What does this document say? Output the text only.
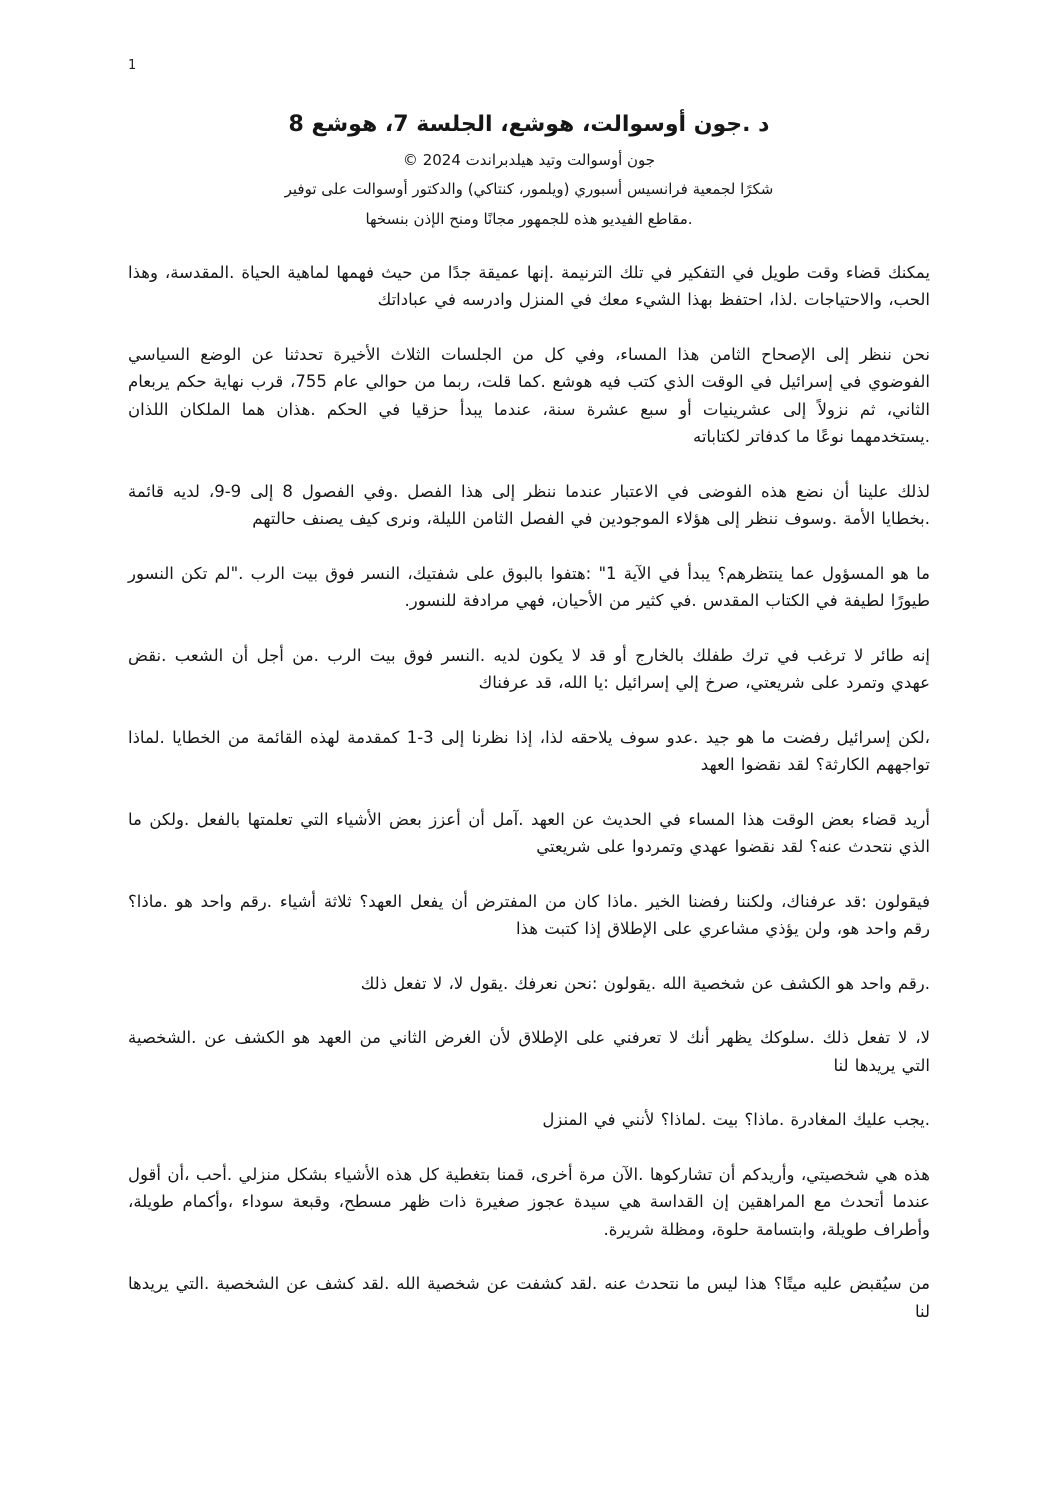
1
د .جون أوسوالت، هوشع، الجلسة 7، هوشع 8

جون أوسوالت وتيد هيلدبراندت 2024 ©

شكرًا لجمعية فرانسيس أسبوري (ويلمور، كنتاكي) والدكتور أوسوالت على توفير

.مقاطع الفيديو هذه للجمهور مجانًا ومنح الإذن بنسخها

يمكنك قضاء وقت طويل في التفكير في تلك الترنيمة .إنها عميقة جدًا من حيث فهمها لماهية الحياة .المقدسة، وهذا الحب، والاحتياجات .لذا، احتفظ بهذا الشيء معك في المنزل وادرسه في عباداتك

نحن ننظر إلى الإصحاح الثامن هذا المساء، وفي كل من الجلسات الثلاث الأخيرة تحدثنا عن الوضع السياسي الفوضوي في إسرائيل في الوقت الذي كتب فيه هوشع .كما قلت، ربما من حوالي عام 755، قرب نهاية حكم يربعام الثاني، ثم نزولاً إلى عشرينيات أو سبع عشرة سنة، عندما يبدأ حزقيا في الحكم .هذان هما الملكان اللذان .يستخدمهما نوعًا ما كدفاتر لكتاباته

لذلك علينا أن نضع هذه الفوضى في الاعتبار عندما ننظر إلى هذا الفصل .وفي الفصول 8 إلى 9-9، لديه قائمة .بخطايا الأمة .وسوف ننظر إلى هؤلاء الموجودين في الفصل الثامن الليلة، ونرى كيف يصنف حالتهم

ما هو المسؤول عما ينتظرهم؟ يبدأ في الآية 1" :هتفوا بالبوق على شفتيك، النسر فوق بيت الرب ."لم تكن النسور طيورًا لطيفة في الكتاب المقدس .في كثير من الأحيان، فهي مرادفة للنسور.

إنه طائر لا ترغب في ترك طفلك بالخارج أو قد لا يكون لديه .النسر فوق بيت الرب .من أجل أن الشعب .نقض عهدي وتمرد على شريعتي، صرخ إلي إسرائيل :يا الله، قد عرفناك

،لكن إسرائيل رفضت ما هو جيد .عدو سوف يلاحقه لذا، إذا نظرنا إلى 3-1 كمقدمة لهذه القائمة من الخطايا .لماذا تواجههم الكارثة؟ لقد نقضوا العهد

أريد قضاء بعض الوقت هذا المساء في الحديث عن العهد .آمل أن أعزز بعض الأشياء التي تعلمتها بالفعل .ولكن ما الذي نتحدث عنه؟ لقد نقضوا عهدي وتمردوا على شريعتي

فيقولون :قد عرفناك، ولكننا رفضنا الخير .ماذا كان من المفترض أن يفعل العهد؟ ثلاثة أشياء .رقم واحد هو .ماذا؟ رقم واحد هو، ولن يؤذي مشاعري على الإطلاق إذا كتبت هذا

.رقم واحد هو الكشف عن شخصية الله .يقولون :نحن نعرفك .يقول لا، لا تفعل ذلك

لا، لا تفعل ذلك .سلوكك يظهر أنك لا تعرفني على الإطلاق لأن الغرض الثاني من العهد هو الكشف عن .الشخصية التي يريدها لنا

.يجب عليك المغادرة .ماذا؟ بيت .لماذا؟ لأنني في المنزل

هذه هي شخصيتي، وأريدكم أن تشاركوها .الآن مرة أخرى، قمنا بتغطية كل هذه الأشياء بشكل منزلي .أحب ،أن أقول عندما أتحدث مع المراهقين إن القداسة هي سيدة عجوز صغيرة ذات ظهر مسطح، وقبعة سوداء ،وأكمام طويلة، وأطراف طويلة، وابتسامة حلوة، ومظلة شريرة.

من سيُقبض عليه ميتًا؟ هذا ليس ما نتحدث عنه .لقد كشفت عن شخصية الله .لقد كشف عن الشخصية .التي يريدها لنا
